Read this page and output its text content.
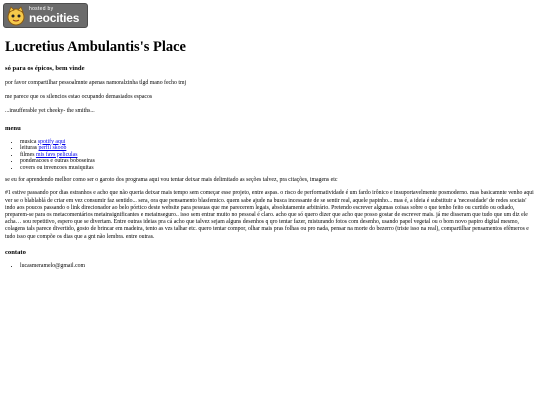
hosted by
neocities
Lucretius Ambulantis's Place
só para os épicos, bem vinde

por favor compartilhar pessoalmnte apenas namoralzinha tlgd mano fecho tmj

me parece que os silencios estao ocupando demasiados espacos

...insufferable yet cheeky- the smiths...

menu
• musica spotify aqui
• leituras perfil skoob
• filmes mis favs peliculas
• ponderacoes e outras boboseiras
• covers ou invencoes musiquitas

se eu for aprendendo melhor como ser o garoto dos programa aqui vou tentar deixar mais delimitado as seções talvez, pra citações, imagens etc

#1 estive passando por dias estranhos e acho que não queria deixar mais tempo sem começar esse projeto, entre aspas. o risco de performatividade é um fardo irônico e insuportavelmente posmoderno. mas basicamnte venho aqui ver se o blablablá de criar em vez consumir faz sentido... sera, ora que pensamento blasfemico. quem sabe ajude na busca incessante de se sentir real, aquele papinho... mas é, a ideia é substituir a 'necessidade' de redes sociais' indo aos poucos passando o link direcionador ao belo pórtico deste website para pessuas que me parecerem legais, absolutamente arbitrário. Pretendo escrever algumas coisas sobre o que tenho feito ou curtido ou odiado, preparem-se para os metacomentários metainsignificantes e metainseguro.. isso sem entrar muito no pessoal é claro. acho que só quero dizer que acho que posso gostar de escrever mais. já me disseram que tudo que um diz ele acha… sou repetitivo, espero que se divertam. Entre outras ideias pra cá acho que talvez sejam alguns desenhos q qro tentar fazer, misturando fotos com desenho, usando papel vegetal ou o bom novo papiro digital mesmo, colagens tals parece divertido, gosto de brincar em madeira, tento as vzs talhar etc. quero tentar compor, olhar mais pras folhas ou pro nada, pensar na morte do bezerro (triste isso na real), compartilhar pensamentos efêmeros e tudo isso que compõe os dias que a gnt não lembra. entre outras.

contato
• lucasmeramelo@gmail.com
